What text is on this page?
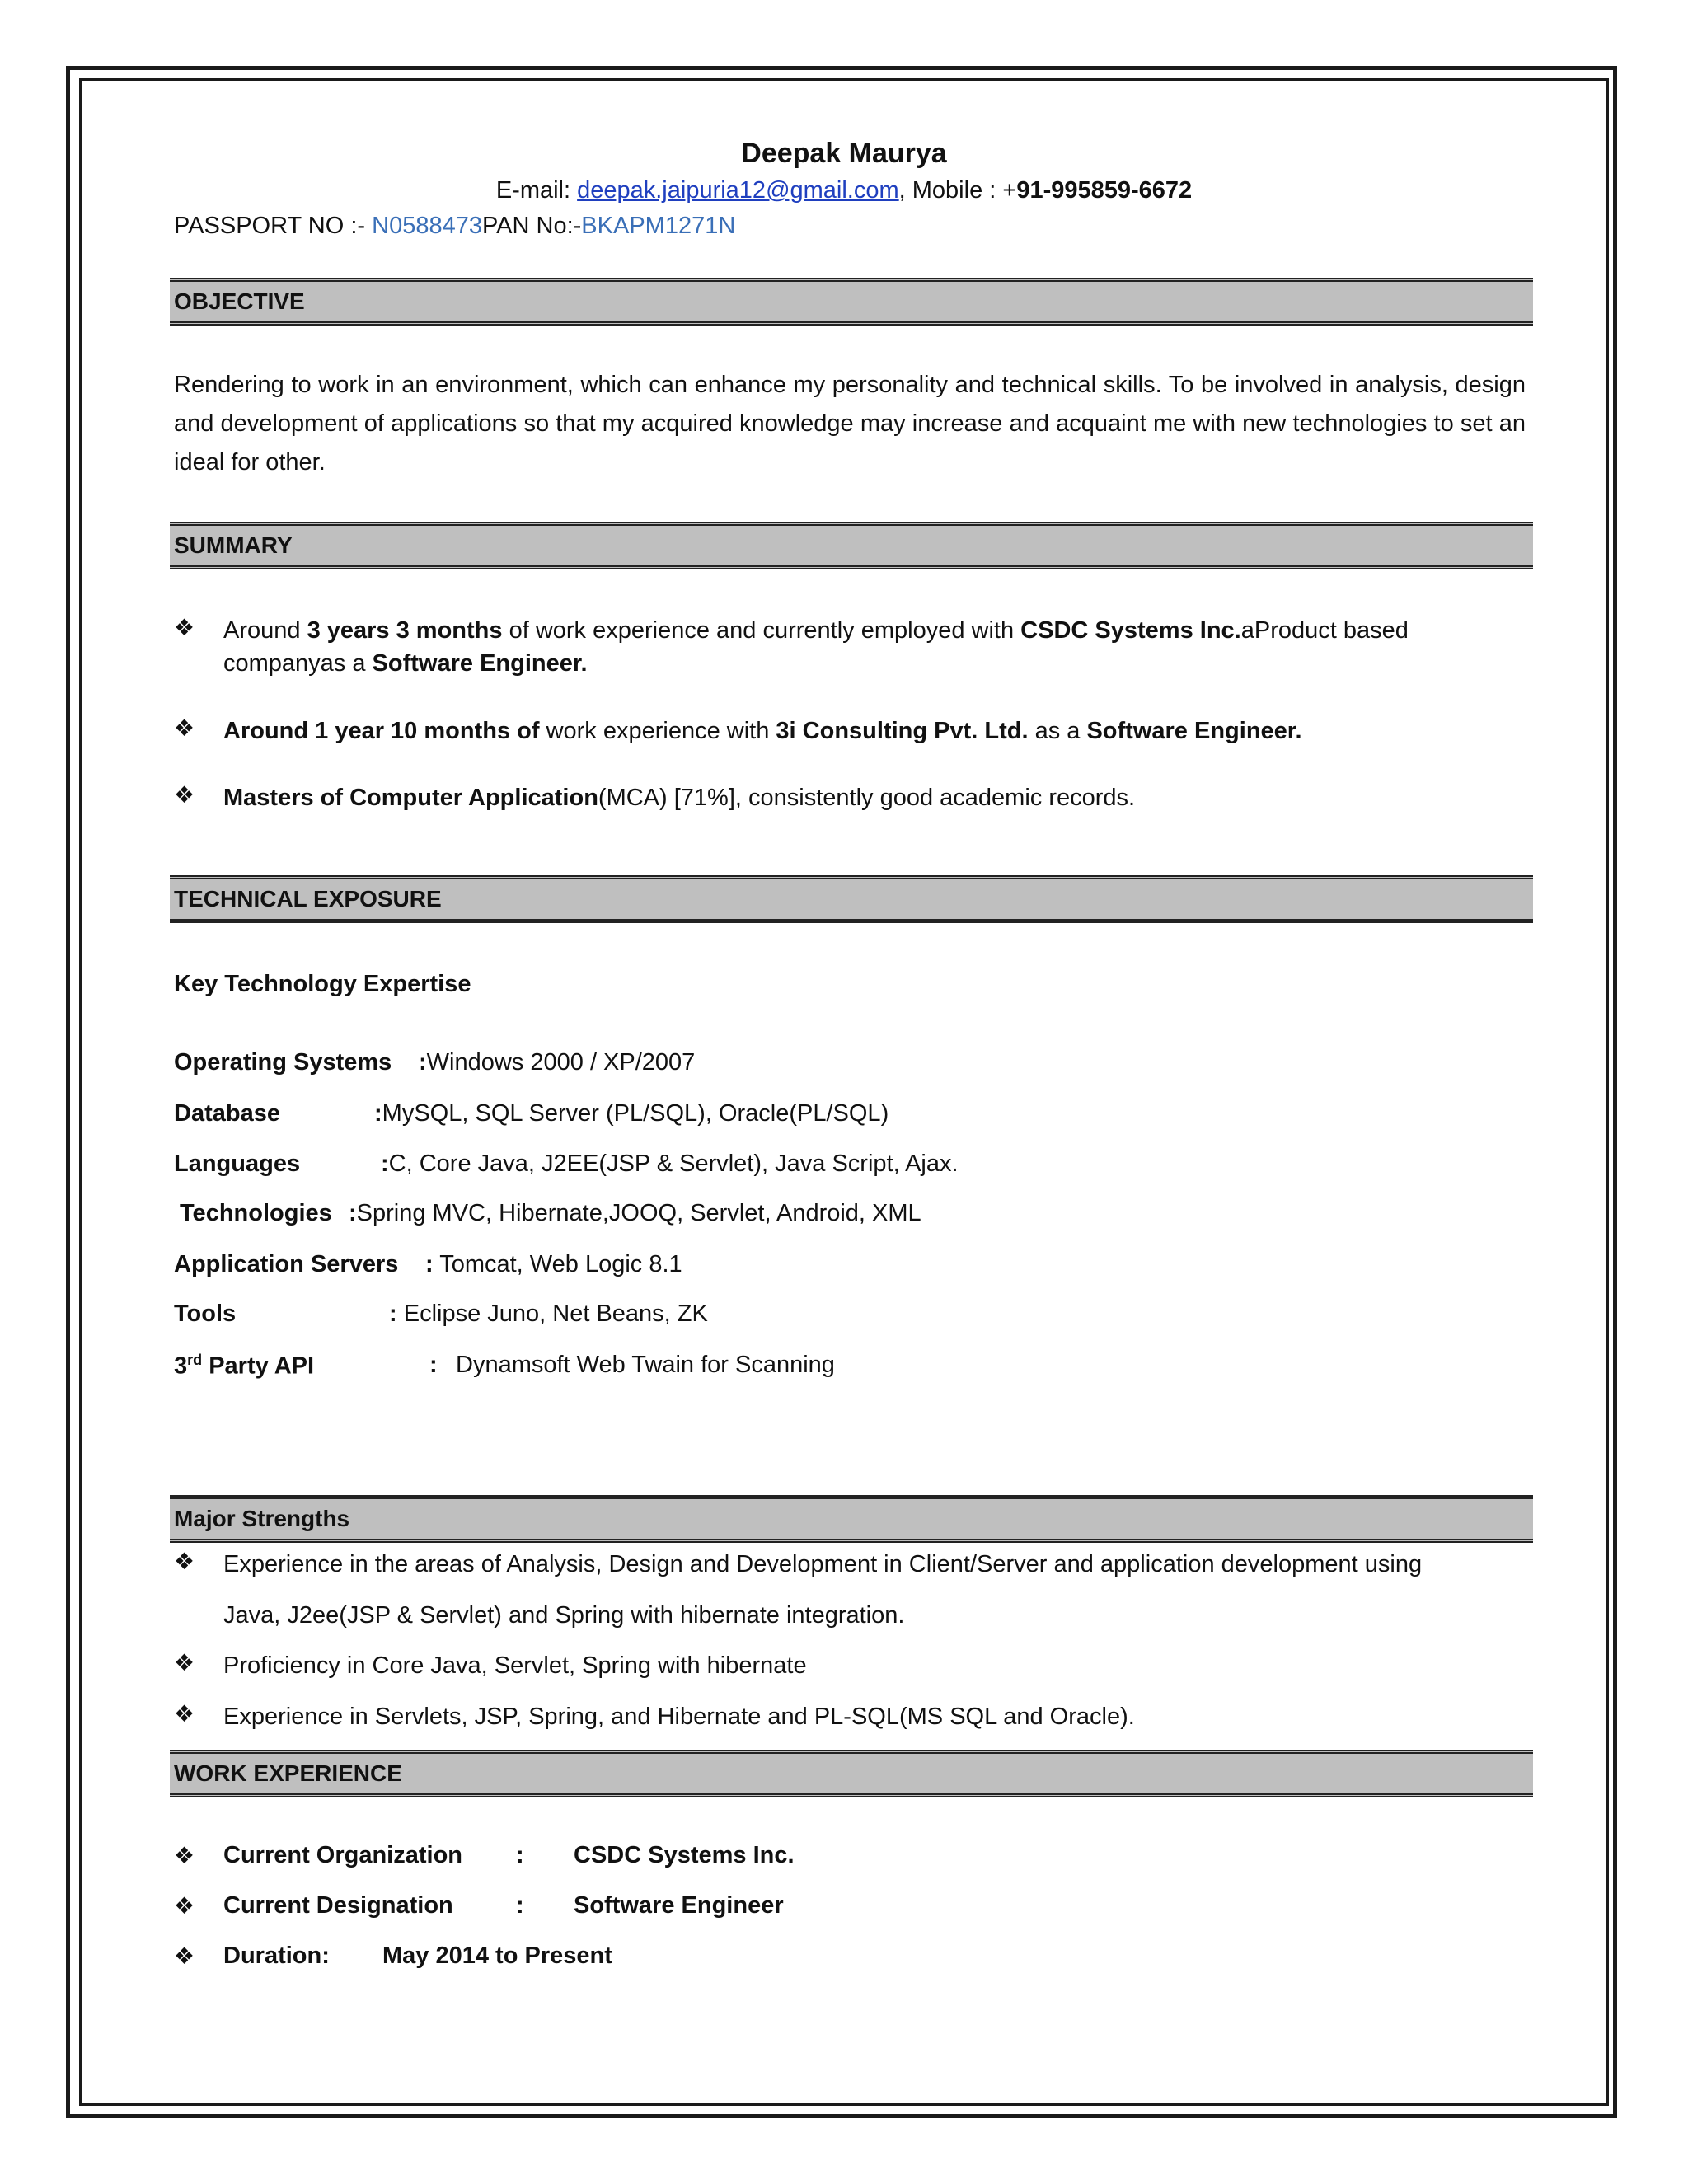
Deepak Maurya
E-mail: deepak.jaipuria12@gmail.com, Mobile : +91-995859-6672
PASSPORT NO :- N0588473PAN No:-BKAPM1271N
OBJECTIVE
Rendering to work in an environment, which can enhance my personality and technical skills. To be involved in analysis, design and development of applications so that my acquired knowledge may increase and acquaint me with new technologies to set an ideal for other.
SUMMARY
❖ Around 3 years 3 months of work experience and currently employed with CSDC Systems Inc.aProduct based companyas a Software Engineer.
❖ Around 1 year 10 months of work experience with 3i Consulting Pvt. Ltd. as a Software Engineer.
❖ Masters of Computer Application(MCA) [71%], consistently good academic records.
TECHNICAL EXPOSURE
Key Technology Expertise
Operating Systems :Windows 2000 / XP/2007
Database	:MySQL, SQL Server (PL/SQL), Oracle(PL/SQL)
Languages	:C, Core Java, J2EE(JSP & Servlet), Java Script, Ajax.
Technologies :Spring MVC, Hibernate,JOOQ, Servlet, Android, XML
Application Servers : Tomcat, Web Logic 8.1
Tools	: Eclipse Juno, Net Beans, ZK
3rd Party API	: Dynamsoft Web Twain for Scanning
Major Strengths
❖ Experience in the areas of Analysis, Design and Development in Client/Server and application development using
Java, J2ee(JSP & Servlet) and Spring with hibernate integration.
❖ Proficiency in Core Java, Servlet, Spring with hibernate
❖ Experience in Servlets, JSP, Spring, and Hibernate and PL-SQL(MS SQL and Oracle).
WORK EXPERIENCE
❖ Current Organization : CSDC Systems Inc.
❖ Current Designation	: Software Engineer
❖ Duration: May 2014 to Present
